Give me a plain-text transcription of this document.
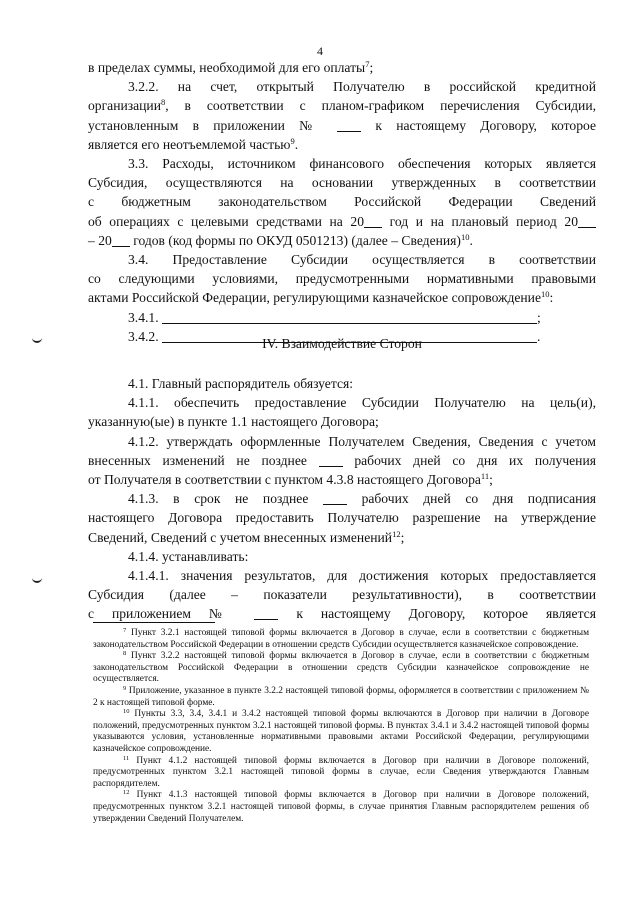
4

в пределах суммы, необходимой для его оплаты$^7$;

3.2.2. на счет, открытый Получателю в российской кредитной

организации$^8$, в соответствии с планом-графиком перечисления Субсидии,

установленным в приложении №	к настоящему Договору, которое

является его неотъемлемой частью$^9$.

3.3. Расходы, источником финансового обеспечения которых является

Субсидия, осуществляются на основании утвержденных в соответствии

с бюджетным законодательством Российской Федерации Сведений

об операциях с целевыми средствами на 20 год и на плановый период 20

– 20 годов (код формы по ОКУД 0501213) (далее – Сведения)$^{10}$.

3.4. Предоставление Субсидии осуществляется в соответствии

со следующими условиями, предусмотренными нормативными правовыми

актами Российской Федерации, регулирующими казначейское сопровождение$^{10}$:

3.4.1.	;

3.4.2.	.

IV. Взаимодействие Сторон

4.1. Главный распорядитель обязуется:

4.1.1. обеспечить предоставление Субсидии Получателю на цель(и),

указанную(ые) в пункте 1.1 настоящего Договора;

4.1.2. утверждать оформленные Получателем Сведения, Сведения с учетом

внесенных изменений не позднее	рабочих дней со дня их получения

от Получателя в соответствии с пунктом 4.3.8 настоящего Договора$^{11}$;

4.1.3. в срок не позднее	рабочих дней со дня подписания

настоящего Договора предоставить Получателю разрешение на утверждение

Сведений, Сведений с учетом внесенных изменений$^{12}$;

4.1.4. устанавливать:

4.1.4.1. значения результатов, для достижения которых предоставляется

Субсидия (далее – показатели результативности), в соответствии

с приложением №	к настоящему Договору, которое является

$^7$ Пункт 3.2.1 настоящей типовой формы включается в Договор в случае, если в соответствии с бюджетным законодательством Российской Федерации в отношении средств Субсидии осуществляется казначейское сопровождение.

$^8$ Пункт 3.2.2 настоящей типовой формы включается в Договор в случае, если в соответствии с бюджетным законодательством Российской Федерации в отношении средств Субсидии казначейское сопровождение не осуществляется.

$^9$ Приложение, указанное в пункте 3.2.2 настоящей типовой формы, оформляется в соответствии с приложением № 2 к настоящей типовой форме.

$^{10}$ Пункты 3.3, 3.4, 3.4.1 и 3.4.2 настоящей типовой формы включаются в Договор при наличии в Договоре положений, предусмотренных пунктом 3.2.1 настоящей типовой формы. В пунктах 3.4.1 и 3.4.2 настоящей типовой формы указываются условия, установленные нормативными правовыми актами Российской Федерации, регулирующими казначейское сопровождение.

$^{11}$ Пункт 4.1.2 настоящей типовой формы включается в Договор при наличии в Договоре положений, предусмотренных пунктом 3.2.1 настоящей типовой формы в случае, если Сведения утверждаются Главным распорядителем.

$^{12}$ Пункт 4.1.3 настоящей типовой формы включается в Договор при наличии в Договоре положений, предусмотренных пунктом 3.2.1 настоящей типовой формы, в случае принятия Главным распорядителем решения об утверждении Сведений Получателем.
